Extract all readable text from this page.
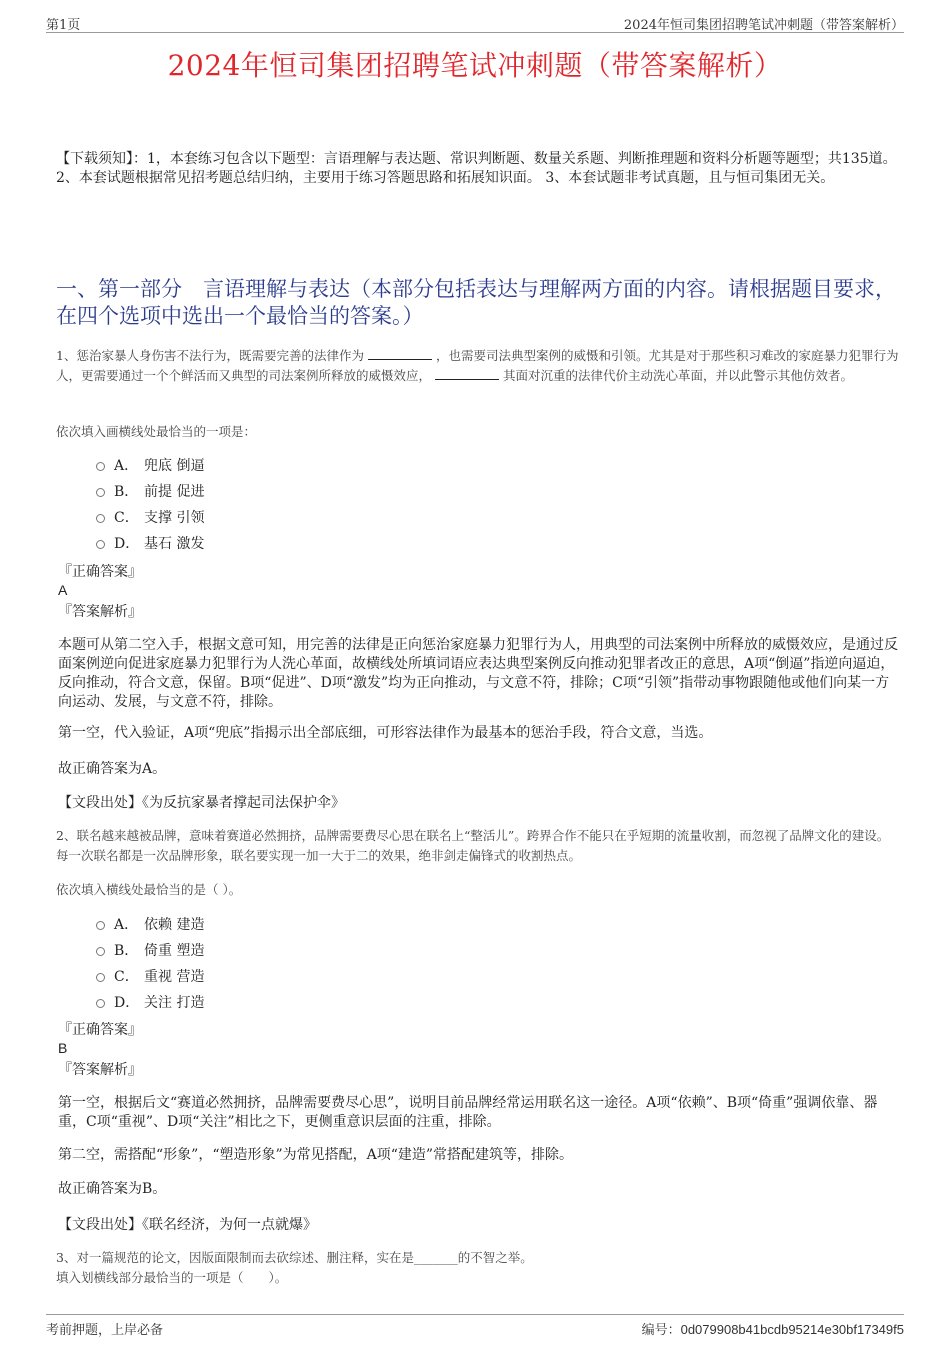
第1页	2024年恒司集团招聘笔试冲刺题（带答案解析）
2024年恒司集团招聘笔试冲刺题（带答案解析）
【下载须知】：1，本套练习包含以下题型：言语理解与表达题、常识判断题、数量关系题、判断推理题和资料分析题等题型；共135道。 2、本套试题根据常见招考题总结归纳，主要用于练习答题思路和拓展知识面。 3、本套试题非考试真题，且与恒司集团无关。
一、第一部分　言语理解与表达（本部分包括表达与理解两方面的内容。请根据题目要求，在四个选项中选出一个最恰当的答案。）
1、惩治家暴人身伤害不法行为，既需要完善的法律作为	，也需要司法典型案例的威慑和引领。尤其是对于那些积习难改的家庭暴力犯罪行为人，更需要通过一个个鲜活而又典型的司法案例所释放的威慑效应，	其面对沉重的法律代价主动洗心革面，并以此警示其他仿效者。
依次填入画横线处最恰当的一项是：
A． 兜底 倒逼
B． 前提 促进
C． 支撑 引领
D． 基石 激发
『正确答案』
A
『答案解析』
本题可从第二空入手，根据文意可知，用完善的法律是正向惩治家庭暴力犯罪行为人，用典型的司法案例中所释放的威慑效应，是通过反面案例逆向促进家庭暴力犯罪行为人洗心革面，故横线处所填词语应表达典型案例反向推动犯罪者改正的意思，A项“倒逼”指逆向逼迫，反向推动，符合文意，保留。B项“促进”、D项“激发”均为正向推动，与文意不符，排除；C项“引领”指带动事物跟随他或他们向某一方向运动、发展，与文意不符，排除。
第一空，代入验证，A项“兜底”指揭示出全部底细，可形容法律作为最基本的惩治手段，符合文意，当选。
故正确答案为A。
【文段出处】《为反抗家暴者撑起司法保护伞》
2、联名越来越被品牌，意味着赛道必然拥挤，品牌需要费尽心思在联名上“整活儿”。跨界合作不能只在乎短期的流量收割，而忽视了品牌文化的建设。每一次联名都是一次品牌形象，联名要实现一加一大于二的效果，绝非剑走偏锋式的收割热点。
依次填入横线处最恰当的是（ ）。
A． 依赖 建造
B． 倚重 塑造
C． 重视 营造
D． 关注 打造
『正确答案』
B
『答案解析』
第一空，根据后文“赛道必然拥挤，品牌需要费尽心思”，说明目前品牌经常运用联名这一途径。A项“依赖”、B项“倚重”强调依靠、器重，C项“重视”、D项“关注”相比之下，更侧重意识层面的注重，排除。
第二空，需搭配“形象”，“塑造形象”为常见搭配，A项“建造”常搭配建筑等，排除。
故正确答案为B。
【文段出处】《联名经济，为何一点就爆》
3、对一篇规范的论文，因版面限制而去砍综述、删注释，实在是_______的不智之举。
填入划横线部分最恰当的一项是（　　）。
考前押题，上岸必备	编号：0d079908b41bcdb95214e30bf17349f5
